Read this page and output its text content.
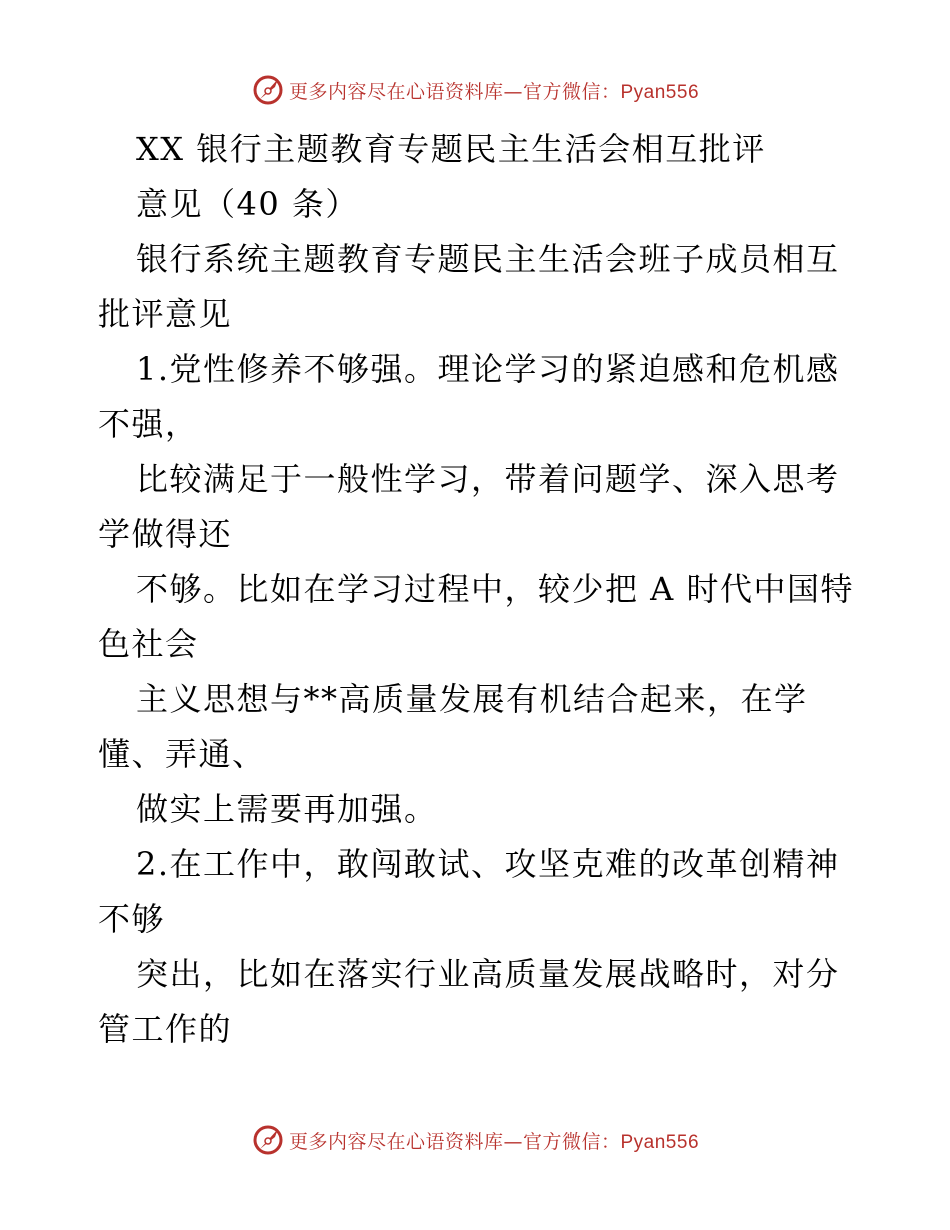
更多内容尽在心语资料库—官方微信：Pyan556

XX 银行主题教育专题民主生活会相互批评

意见（40 条）

银行系统主题教育专题民主生活会班子成员相互批评意见

1.党性修养不够强。理论学习的紧迫感和危机感不强，

比较满足于一般性学习，带着问题学、深入思考学做得还

不够。比如在学习过程中，较少把 A 时代中国特色社会

主义思想与**高质量发展有机结合起来，在学懂、弄通、

做实上需要再加强。

2.在工作中，敢闯敢试、攻坚克难的改革创精神不够

突出，比如在落实行业高质量发展战略时，对分管工作的

更多内容尽在心语资料库—官方微信：Pyan556
